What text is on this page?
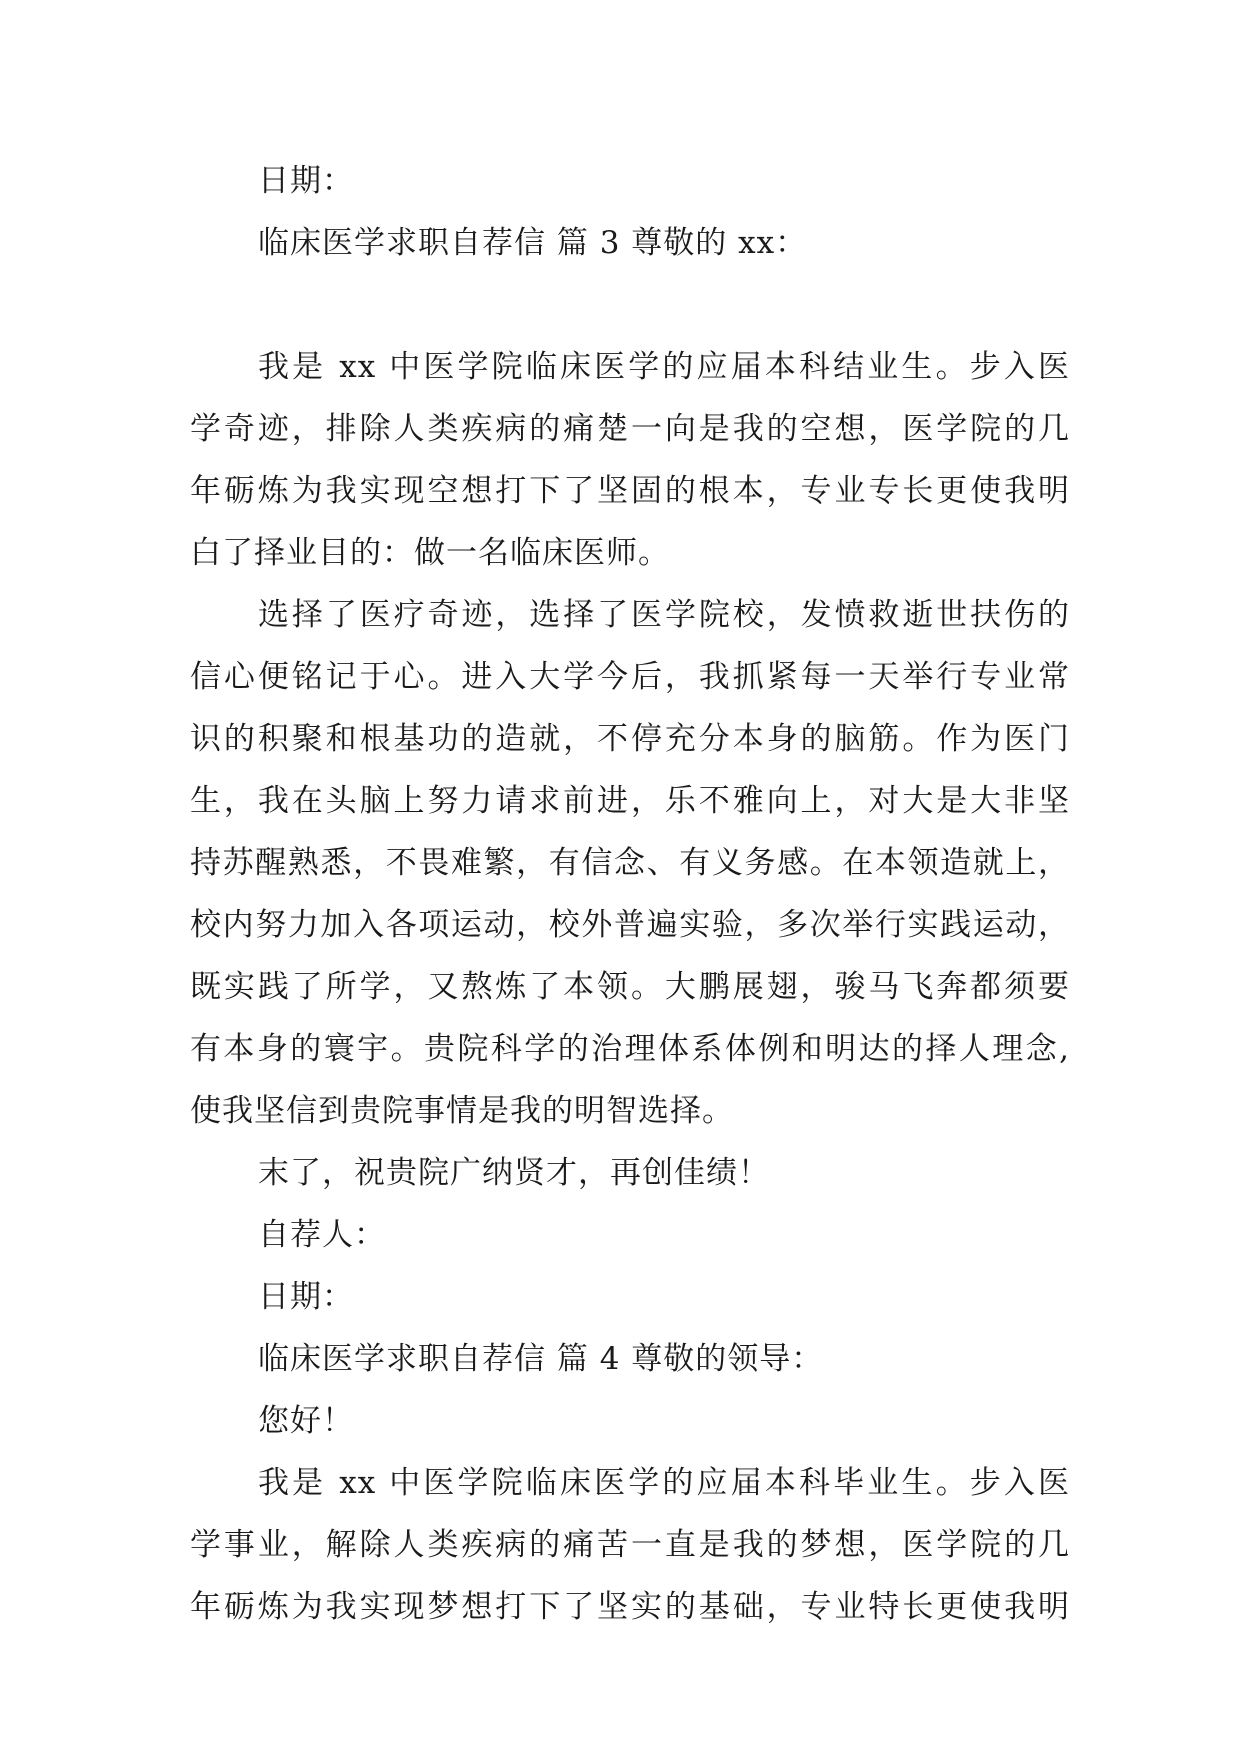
日期：
临床医学求职自荐信 篇 3 尊敬的 xx：
我是 xx 中医学院临床医学的应届本科结业生。步入医
学奇迹，排除人类疾病的痛楚一向是我的空想，医学院的几
年砺炼为我实现空想打下了坚固的根本，专业专长更使我明
白了择业目的：做一名临床医师。
选择了医疗奇迹，选择了医学院校，发愤救逝世扶伤的
信心便铭记于心。进入大学今后，我抓紧每一天举行专业常
识的积聚和根基功的造就，不停充分本身的脑筋。作为医门
生，我在头脑上努力请求前进，乐不雅向上，对大是大非坚
持苏醒熟悉，不畏难繁，有信念、有义务感。在本领造就上，
校内努力加入各项运动，校外普遍实验，多次举行实践运动，
既实践了所学，又熬炼了本领。大鹏展翅，骏马飞奔都须要
有本身的寰宇。贵院科学的治理体系体例和明达的择人理念,
使我坚信到贵院事情是我的明智选择。
末了，祝贵院广纳贤才，再创佳绩！
自荐人：
日期：
临床医学求职自荐信 篇 4 尊敬的领导：
您好！
我是 xx 中医学院临床医学的应届本科毕业生。步入医
学事业，解除人类疾病的痛苦一直是我的梦想，医学院的几
年砺炼为我实现梦想打下了坚实的基础，专业特长更使我明
